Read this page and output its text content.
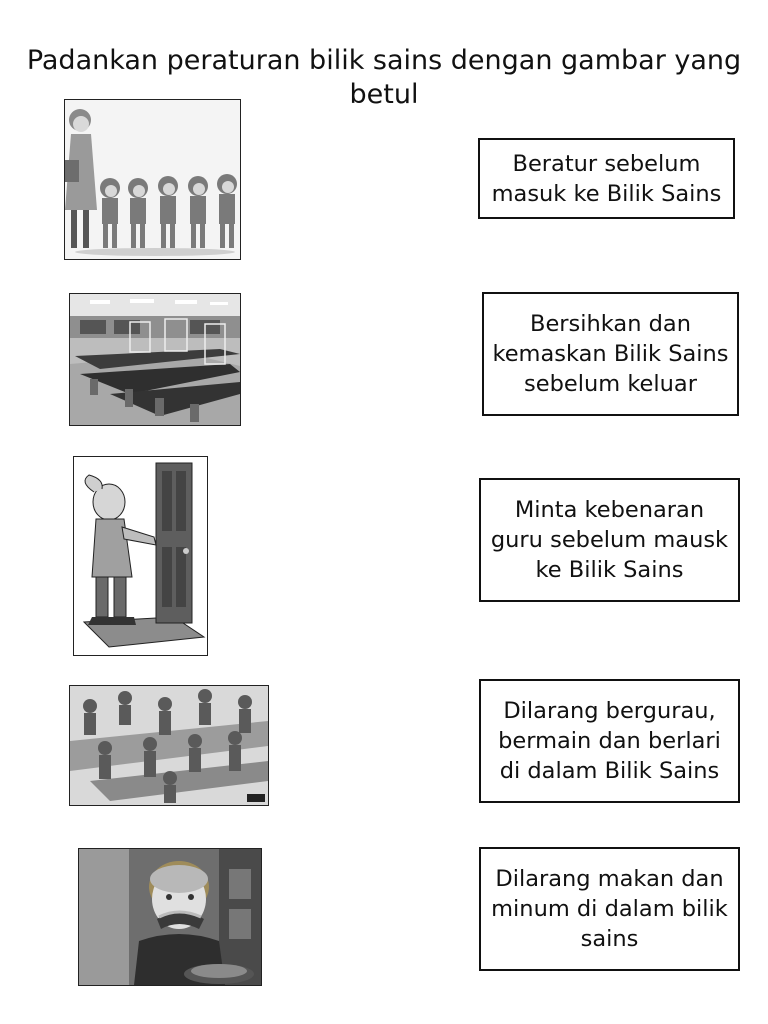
Padankan peraturan bilik sains dengan gambar yang betul
Beratur sebelum masuk ke Bilik Sains
Bersihkan dan kemaskan Bilik Sains sebelum keluar
Minta kebenaran guru sebelum mausk ke Bilik Sains
Dilarang bergurau, bermain dan berlari di dalam Bilik Sains
Dilarang makan dan minum di dalam bilik sains
